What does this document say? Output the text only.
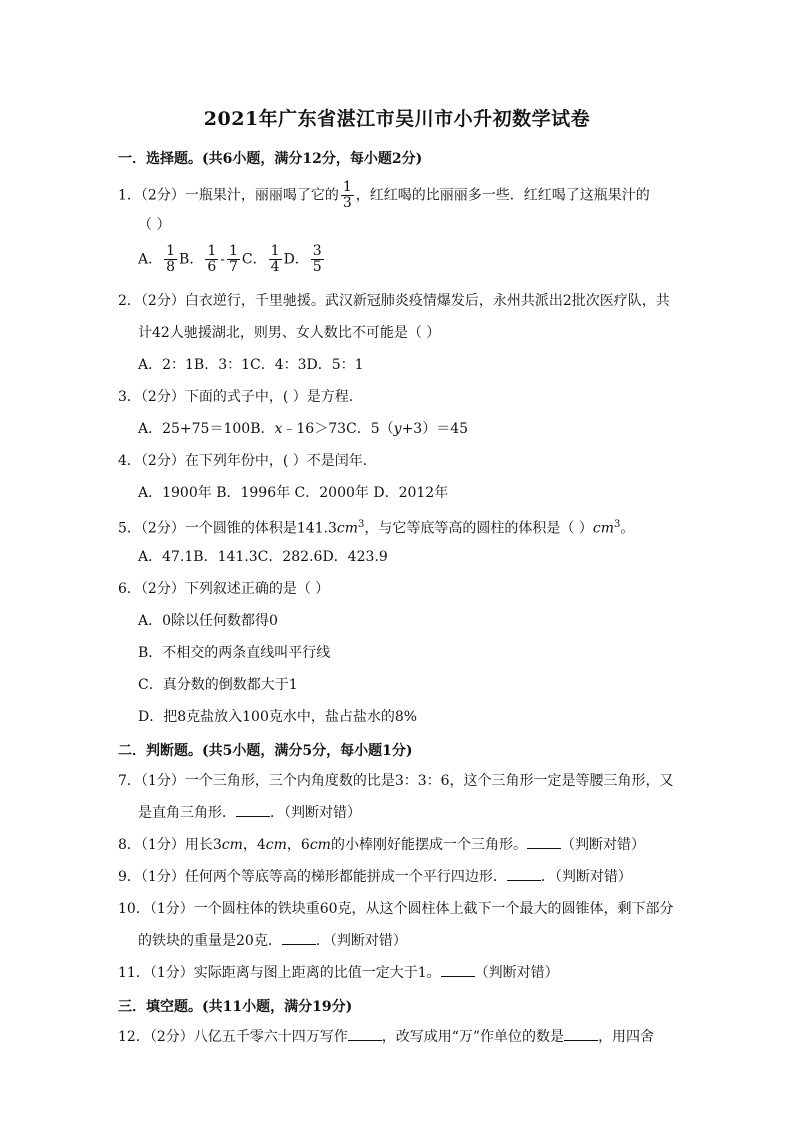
2021年广东省湛江市吴川市小升初数学试卷
一．选择题。(共6小题，满分12分，每小题2分)
1．（2分）一瓶果汁，丽丽喝了它的 $\frac{1}{3}$ ，红红喝的比丽丽多一些．红红喝了这瓶果汁的
（ ）
A． $\frac{1}{8}$ B． $\frac{1}{6} - \frac{1}{7}$ C． $\frac{1}{4}$ D． $\frac{3}{5}$
2．（2分）白衣逆行，千里驰援。武汉新冠肺炎疫情爆发后，永州共派出2批次医疗队，共
计42人驰援湖北，则男、女人数比不可能是（ ）
A．2：1B．3：1C．4：3D．5：1
3．（2分）下面的式子中，( ）是方程．
A．25+75＝100B．x﹣16＞73C．5（y+3）＝45
4．（2分）在下列年份中，( ）不是闰年．
A．1900年 B．1996年 C．2000年 D．2012年
5．（2分）一个圆锥的体积是$141.3cm^3$，与它等底等高的圆柱的体积是（ ）$cm^3$。
A．47.1B．141.3C．282.6D．423.9
6．（2分）下列叙述正确的是（ ）
A．0除以任何数都得0
B．不相交的两条直线叫平行线
C．真分数的倒数都大于1
D．把8克盐放入100克水中，盐占盐水的8%
二．判断题。(共5小题，满分5分，每小题1分)
7．（1分）一个三角形，三个内角度数的比是3：3：6，这个三角形一定是等腰三角形，又
是直角三角形． ．（判断对错）
8．（1分）用长3cm，4cm，6cm的小棒刚好能摆成一个三角形。 （判断对错）
9．（1分）任何两个等底等高的梯形都能拼成一个平行四边形． ．（判断对错）
10．（1分）一个圆柱体的铁块重60克，从这个圆柱体上截下一个最大的圆锥体，剩下部分
的铁块的重量是20克． ．（判断对错）
11．（1分）实际距离与图上距离的比值一定大于1。 （判断对错）
三．填空题。(共11小题，满分19分)
12．（2分）八亿五千零六十四万写作 ，改写成用“万”作单位的数是 ，用四舍
